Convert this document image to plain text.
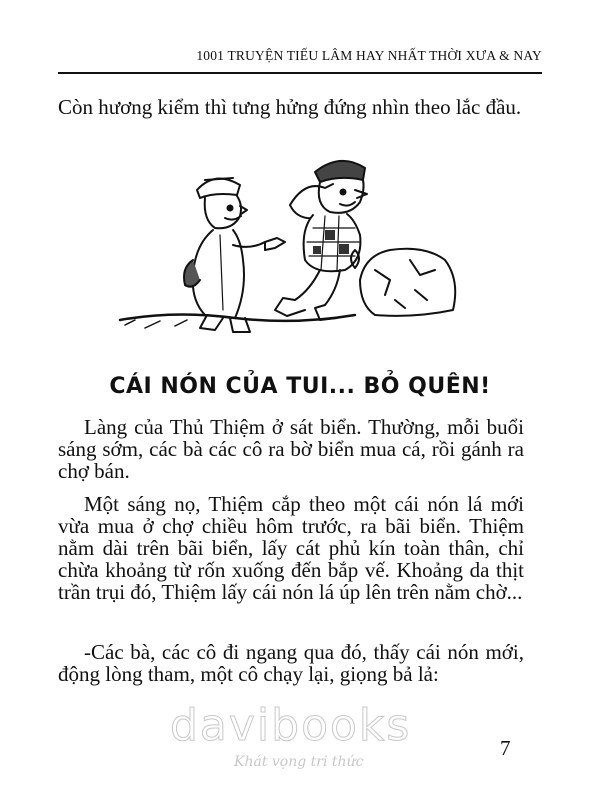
1001 TRUYỆN TIẾU LÂM HAY NHẤT THỜI XƯA & NAY
Còn hương kiểm thì tưng hửng đứng nhìn theo lắc đầu.
CÁI NÓN CỦA TUI... BỎ QUÊN!
Làng của Thủ Thiệm ở sát biển. Thường, mỗi buổi sáng sớm, các bà các cô ra bờ biển mua cá, rồi gánh ra chợ bán.
Một sáng nọ, Thiệm cắp theo một cái nón lá mới vừa mua ở chợ chiều hôm trước, ra bãi biển. Thiệm nằm dài trên bãi biển, lấy cát phủ kín toàn thân, chỉ chừa khoảng từ rốn xuống đến bắp vế. Khoảng da thịt trần trụi đó, Thiệm lấy cái nón lá úp lên trên nằm chờ...
-Các bà, các cô đi ngang qua đó, thấy cái nón mới, động lòng tham, một cô chạy lại, giọng bả lả:
davibooks
Khát vọng tri thức
7
